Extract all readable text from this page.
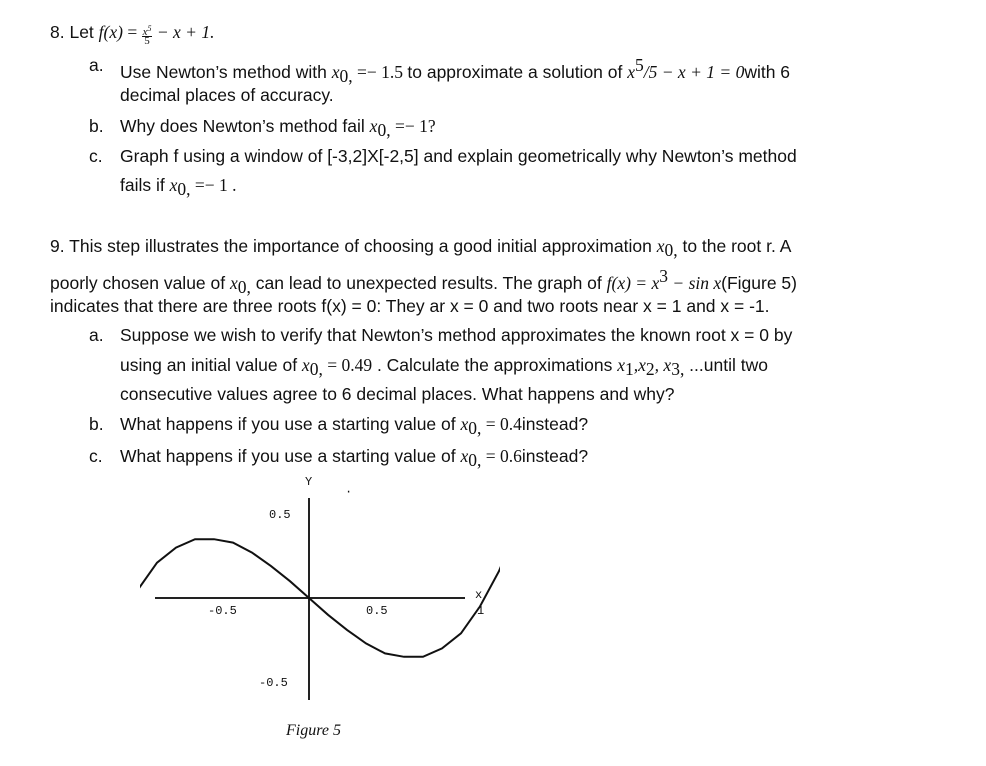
8. Let $f(x) = \frac{x^5}{5} - x + 1$.
a. Use Newton’s method with $x_{0,} =- 1.5$ to approximate a solution of $x^5/5 - x + 1$ = 0with 6
decimal places of accuracy.
b. Why does Newton’s method fail $x_{0,} =- 1$?
c. Graph f using a window of [-3,2]X[-2,5] and explain geometrically why Newton’s method
fails if $x_{0,} =- 1$ .
9. This step illustrates the importance of choosing a good initial approximation $x_{0,}$ to the root r. A
poorly chosen value of $x_{0,}$ can lead to unexpected results. The graph of $f(x) = x^3 - \sin$ x(Figure 5)
indicates that there are three roots f(x) = 0: They ar x = 0 and two roots near x = 1 and x = -1.
a. Suppose we wish to verify that Newton’s method approximates the known root x = 0 by
using an initial value of $x_{0,} = 0.49$ . Calculate the approximations $x_1,x_2$, $x_{3,}$ ...until two
consecutive values agree to 6 decimal places. What happens and why?
b. What happens if you use a starting value of $x_{0,}$ = 0.4instead?
c. What happens if you use a starting value of $x_{0,}$ = 0.6instead?
Y
·
x
0.5
-0.5
-0.5	0.5	1
Figure 5
